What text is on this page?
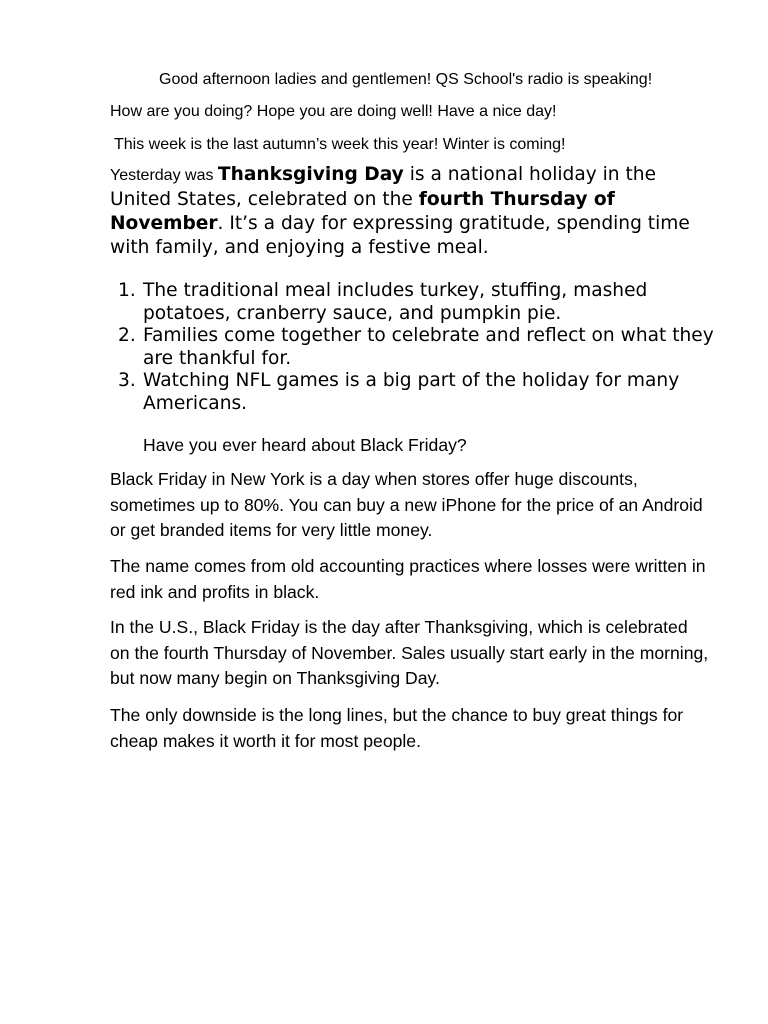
Good afternoon ladies and gentlemen! QS School's radio is speaking!

How are you doing? Hope you are doing well! Have a nice day!

This week is the last autumn’s week this year! Winter is coming!

Yesterday was Thanksgiving Day is a national holiday in the United States, celebrated on the fourth Thursday of November. It’s a day for expressing gratitude, spending time with family, and enjoying a festive meal.

1. The traditional meal includes turkey, stuffing, mashed potatoes, cranberry sauce, and pumpkin pie.
2. Families come together to celebrate and reflect on what they are thankful for.
3. Watching NFL games is a big part of the holiday for many Americans.

Have you ever heard about Black Friday?

Black Friday in New York is a day when stores offer huge discounts, sometimes up to 80%. You can buy a new iPhone for the price of an Android or get branded items for very little money.

The name comes from old accounting practices where losses were written in red ink and profits in black.

In the U.S., Black Friday is the day after Thanksgiving, which is celebrated on the fourth Thursday of November. Sales usually start early in the morning, but now many begin on Thanksgiving Day.

The only downside is the long lines, but the chance to buy great things for cheap makes it worth it for most people.
